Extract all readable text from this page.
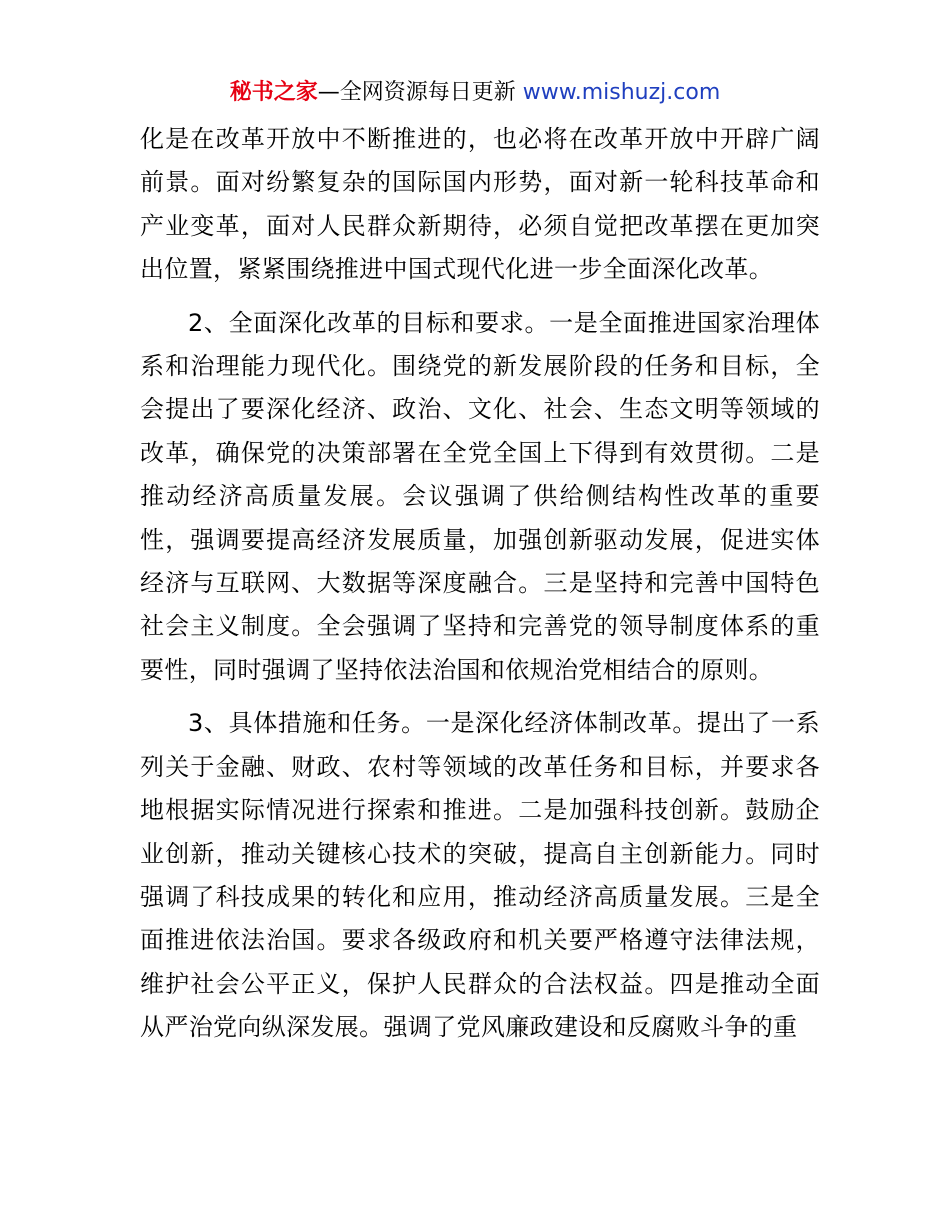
秘书之家—全网资源每日更新 www.mishuzj.com

化是在改革开放中不断推进的，也必将在改革开放中开辟广阔前景。面对纷繁复杂的国际国内形势，面对新一轮科技革命和产业变革，面对人民群众新期待，必须自觉把改革摆在更加突出位置，紧紧围绕推进中国式现代化进一步全面深化改革。

2、全面深化改革的目标和要求。一是全面推进国家治理体系和治理能力现代化。围绕党的新发展阶段的任务和目标，全会提出了要深化经济、政治、文化、社会、生态文明等领域的改革，确保党的决策部署在全党全国上下得到有效贯彻。二是推动经济高质量发展。会议强调了供给侧结构性改革的重要性，强调要提高经济发展质量，加强创新驱动发展，促进实体经济与互联网、大数据等深度融合。三是坚持和完善中国特色社会主义制度。全会强调了坚持和完善党的领导制度体系的重要性，同时强调了坚持依法治国和依规治党相结合的原则。

3、具体措施和任务。一是深化经济体制改革。提出了一系列关于金融、财政、农村等领域的改革任务和目标，并要求各地根据实际情况进行探索和推进。二是加强科技创新。鼓励企业创新，推动关键核心技术的突破，提高自主创新能力。同时强调了科技成果的转化和应用，推动经济高质量发展。三是全面推进依法治国。要求各级政府和机关要严格遵守法律法规，维护社会公平正义，保护人民群众的合法权益。四是推动全面从严治党向纵深发展。强调了党风廉政建设和反腐败斗争的重
